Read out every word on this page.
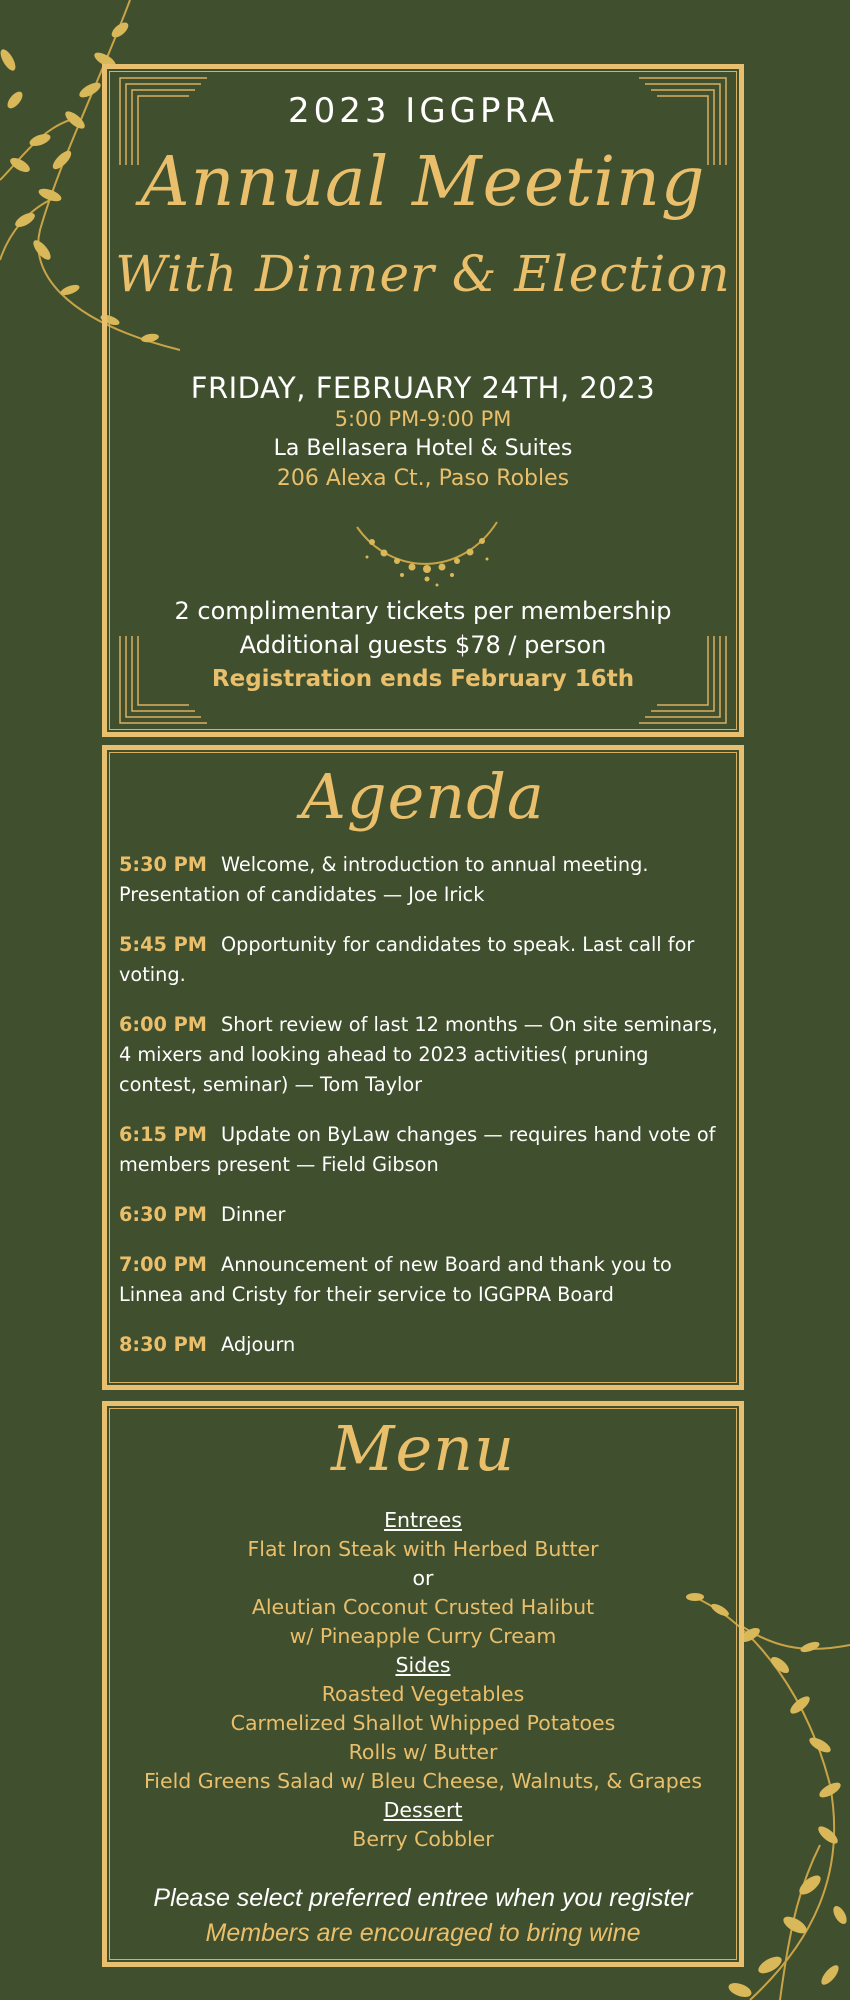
2023 IGGPRA
Annual Meeting
With Dinner & Election
FRIDAY, FEBRUARY 24TH, 2023
5:00 PM-9:00 PM
La Bellasera Hotel & Suites
206 Alexa Ct., Paso Robles
2 complimentary tickets per membership
Additional guests $78 / person
Registration ends February 16th
Agenda
5:30 PM Welcome, & introduction to annual meeting. Presentation of candidates — Joe Irick
5:45 PM Opportunity for candidates to speak. Last call for voting.
6:00 PM Short review of last 12 months — On site seminars, 4 mixers and looking ahead to 2023 activities( pruning contest, seminar) — Tom Taylor
6:15 PM Update on ByLaw changes — requires hand vote of members present — Field Gibson
6:30 PM Dinner
7:00 PM Announcement of new Board and thank you to Linnea and Cristy for their service to IGGPRA Board
8:30 PM Adjourn
Menu
Entrees
Flat Iron Steak with Herbed Butter
or
Aleutian Coconut Crusted Halibut
w/ Pineapple Curry Cream
Sides
Roasted Vegetables
Carmelized Shallot Whipped Potatoes
Rolls w/ Butter
Field Greens Salad w/ Bleu Cheese, Walnuts, & Grapes
Dessert
Berry Cobbler
Please select preferred entree when you register
Members are encouraged to bring wine
